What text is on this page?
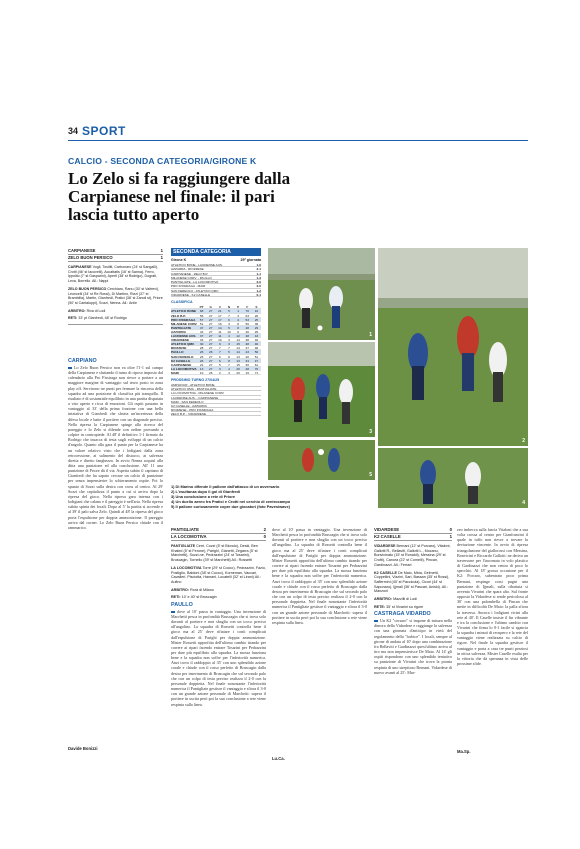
34 SPORT
CALCIO - SECONDA CATEGORIA/GIRONE K
Lo Zelo si fa raggiungere dalla Carpianese nel finale: il pari lascia tutto aperto
CARPIANESE	1
ZELO BUON PERSICO	1
CARPIANESE Vogli, Tosititi, Carbonaro (24' st Sangalli), Crotti (46' st Iacovelli), Accattatis (16' st Sanna), Ferro, Ippolito (7' st Gasparini), Aperti (38' st Rodrigo), Dograti, Leva, Borrello. All.: Nappi
ZELO BUON PERSICO Cerchiaro, Ranu (30' st Valtrevi), Leoncelli (34' st Re Rossi), Di Martino, Rizzi (37' st Brambilla), Martin, Gianfredi, Pratici (38' st Zanoli st), Priore (50' st Cantaluppi), Sozzi, Nenna. All.: Anile
ARBITRO: Riva di Lodi
RETI: 33' pt Gianfredi, 48' st Rodrigo
SECONDA CATEGORIA
Girone K	29ª giornata
ATLETICO BONE - LAUDENSE AUS.	1-0
AZZURRA - RIOZZESE	2-1
CARPIANESE - ZELO B.P.	1-1
MILANESE CORV. - PAULLO	1-3
PANTIGLIATE - LA LOCOMOTIVA	2-0
PRO FISSIRAGA - MAIR	3-0
SAN FEREOLO - ATLETICO QMC	1-2
VIDARDESE - K2 CASELLE	0-1
CLASSIFICA
PT	G	V	N	P	F	S
ATLETICO BONE	68	27	21	5	1	70	16
ZELO B.P.	56	27	17	7	3	63	26
PRO FISSIRAGA	57	27	17	6	4	53	25
MILANESE CORV. 51	27	16	3	8	56	36
PANTIGLIATE	47	27	14	5	8	48	29
AZZURRA	43	27	11	10	6	40	29
LAUDENSE AUS.	37	27	11	4	12	48	43
VIDARDESE	33	27	10	3	14	38	40
ATLETICO QMC	30	27	9	3	15	28	46
RIOZZESE	28	27	7	7	13	37	48
PAULLO	26	26	7	5	14	43	56
SAN FEREOLO	26	27	6	8	13	40	51
K2 CASELLE	26	27	6	8	13	34	47
CARPIANESE	22	27	5	7	15	30	61
LA LOCOMOTIVA	13	27	3	4	20	28	70
MAIR	10	26	2	4	20	19	71
PROSSIMO TURNO 27/04/25
AMPLIFICR - ATLETICO BONE
ATLETICO QMC - PANTIGLIATE
LA LOCOMOTIVA - MILANESE CORV.
LAUDENSE AUS. - CARPIANESE
MAIR - SAN FEREOLO
K2 CASELLE - AZZURRA
RIOZZESE - PRO FISSIRAGA
ZELO B.P. - VIDARDESE
1
2
3
4
5
1) Di Marino difende il pallone dall'attacco di un avversario
2) L'esultanza dopo il gol di Gianfredi
3) Una conclusione a rete di Priore
4) Un duello aereo fra Pratici e Crotti nel cerchio di centrocampo
5) Il pallone curiosamente copre due giocatori (foto Pavesiwave)
CARPIANO
Lo Zelo Buon Persico non va oltre l'1-1 sul campo della Carpianese e sfuttando il turno di riposo imposto dal calendario alla Pro Fissiraga non riesce a portare a un maggiore margine di vantaggio sul terzo posto in zona play off. Servirono tre punti per fermare la rincorsa della squadra ad una posizione di classifica più tranquilla. Il risultato è di sostanziale equilibrio in una partita disputata a viso aperto e ricca di emozioni. Gli ospiti passano in vantaggio al 33' della prima frazione con una bella iniziativa di Gianfredi che sfrutta un'incertezza della difesa locale e batte il portiere con un diagonale preciso. Nella ripresa la Carpianese spinge alla ricerca del pareggio e lo Zelo si difende con ordine provando a colpire in contropiede. Al 48' il definitivo 1-1 firmato da Rodrigo che insacca di testa sugli sviluppi di un calcio d'angolo. Quanto alla gara il punto per la Carpianese ha un valore relativo visto che i lodigiani dalla zona retrocessione, ai salimento del distacco, ai salvezza diretta e diretto fanghezza. In avvio Nenna acquisì alla ditta una punizione ed alla conclusione. All' 11 una punizione di Priore dà il via. Aspetta subito il capitano di Gianfredi che ha saputo cercare un calcio di punizione per senza impensierire lo schieramento ospite. Poi lo spunto di Sozzi sulla destra con cross al centro. Al 29' Sozzi che capitalizza il punto a cui si arriva dopo la ripresa del gioco. Nella ripresa gara intensa con i lodigiani che calano e il pareggio è nell'aria. Nella ripresa subito spinta dei locali. Dopo al 5' la partita si accende e al 39' il palo salva Zelo. Quindi al 48' la ripresa del gioco porta l'espulsione per doppia ammonizione. Il pareggio arriva dal corner. Lo Zelo Buon Persico chiude con il rammarico.
Davide Bonizzi
PANTIGLIATE	2
LA LOCOMOTIVA	0
PANTIGLIATE Cerri, Cozzi (5' st Biondo), Deski, Ben Khaled (5' st Ferone), Parighi, Gianetti, Zegarra (5' st Marchetti), Sozzi-ne, Pedrazzini (24' st Tosarini), Bruscagin, Tornello (39' st Marchetti) All.: Rossetti
LA LOCOMOTIVA Torre (29' st Cocco), Pedrazzini, Fazio, Postiglio, Baldoni (38' st Cocco), Korneman, Vaccari, Cavalleri, Pisciotta, Hamani, Locatelli (32' st Lirani) All.: Aufino
ARBITRO: Rorà di Milano
RETI: 10' e 40' st Bruscagin
PAULLO
dove al 10' passa in vantaggio. Una invenzione di Marchetti pesca in profondità Bruscagin che si trova solo davanti al portiere e non sbaglia con un tocco preciso all'angolino. La squadra di Rossetti controlla bene il gioco ma al 25' deve rifiatare i conti complicati dall'espulsione di Parighi per doppia ammonizione. Mister Rossetti approfitta dell'ultimo cambio tirando per correre ai ripari facendo entrare Tosarini per Pedrazzini per dare più equilibrio alla squadra. La mossa funziona bene e la squadra non soffre per l'inferiorità numerica. Anzi trova il raddoppio al 35' con uno splendido azione corale e chiude con il rosso perfetto di Bruscagin dalla destra per inserimento di Bruscagin che sul secondo palo che con un colpo di testa preciso realizza il 2-0 con la personale doppietta. Nel finale nonostante l'inferiorità numerica il Pantigliate gestisce il vantaggio e sfiora il 3-0 con un grande azione personale di Marchetti: sapera il portiere in uscita però poi la sua conclusione a rete viene respinta sulla linea.
dove al 10' passa in vantaggio. Una invenzione di Marchetti pesca in profondità Bruscagin che si trova solo davanti al portiere e non sbaglia con un tocco preciso all'angolino. La squadra di Rossetti controlla bene il gioco ma al 25' deve rifiatare i conti complicati dall'espulsione di Parighi per doppia ammonizione. Mister Rossetti approfitta dell'ultimo cambio tirando per correre ai ripari facendo entrare Tosarini per Pedrazzini per dare più equilibrio alla squadra. La mossa funziona bene e la squadra non soffre per l'inferiorità numerica. Anzi trova il raddoppio al 35' con uno splendido azione corale e chiude con il rosso perfetto di Bruscagin dalla destra per inserimento di Bruscagin che sul secondo palo che con un colpo di testa preciso realizza il 2-0 con la personale doppietta. Nel finale nonostante l'inferiorità numerica il Pantigliate gestisce il vantaggio e sfiora il 3-0 con un grande azione personale di Marchetti: sapera il portiere in uscita però poi la sua conclusione a rete viene respinta sulla linea.
Lu.Ca.
VIDARDESE	0
K2 CASELLE	1
VIDARDESE Bernani (12' st Porcaro), Vitaloni, Gallotti R., Bellaviti, Gallotti L., Mocanu, Bonvicinato (15' st Ronaldi), Messina (29' st Crotti), Canora (22' st Comelli), Pincan, Gardinazzi. All.: Ferrari
K2 CASELLE De Maio, Mbia, Gelmetti, Coppellini, Vizzini, Sari, Bassan (35' st Rossi), Saffermini (40' st Paccicola), Cicori (44' st Saponaro), Ijjmali (36' st Pascari, Aniski). All.: Manzoni
ARBITRO: Mazzilli di Lodi
RETE: 35' st Vivarini su rigore
CASTRAGA VIDARDO
Un K2 "corsaro" si impone di misura nella dimora della Vidardese e raggiunge la salvezza con una giornata d'anticipo in virtù del regolamento della "forbice". I locali, sempre al girone di andata al 10' dopo una combinazione fra Bellaviti e Gardinazzi quest'ultimo arriva al tiro ma non impensierisce De Maio. Al 14' gli ospiti rispondono con uno splendido tentativo su punizione di Vivarini che trova la pronta respinta di uno strepitoso Bernani. Vidardese di nuovo avanti al 25': Mar-
zeo imbecca sulla fascia Vitaloni che a sua volta crossa al centro per Gianfrancini il quale in tuffo non riesce a trovare la deviazione vincente. In avvio di ripresa triangolazione del giallorossi con Messina, Bonvicini e Riccardo Gallotti: ne deriva un traversone per l'incornata in volo plastico di Gardinazzi che non centra di poco lo specchio. Al 18' grossa occasione per il K2: Porcaro, subentrato poco prima Bernani, respinge corsi pugni una punizione di Ijjmali, sulla ribattuta si avventa Vivarini che spara alto. Sul fronte opposto la Vidardese si rende pericolosa al 30' con una palombella di Pincan che mette in difficoltà De Maio: la palla sfiora la traversa. Ancora i lodigiani vicini alla rete al 40'. Il Caselle insiste il fin vibrante e tra la conclusione e l'ultimo cambio con Vivarini che firma lo 0-1 facile si sgancia la squadra i minuti di recupero e la rete del vantaggio viene realizzata su calcio di rigore. Nel finale la squadra gestisce il vantaggio e porta a casa tre punti preziosi in ottica salvezza. Mister Caselle esulta per la vittoria che dà speranza in vista delle prossime sfide.
Ma.Sp.
